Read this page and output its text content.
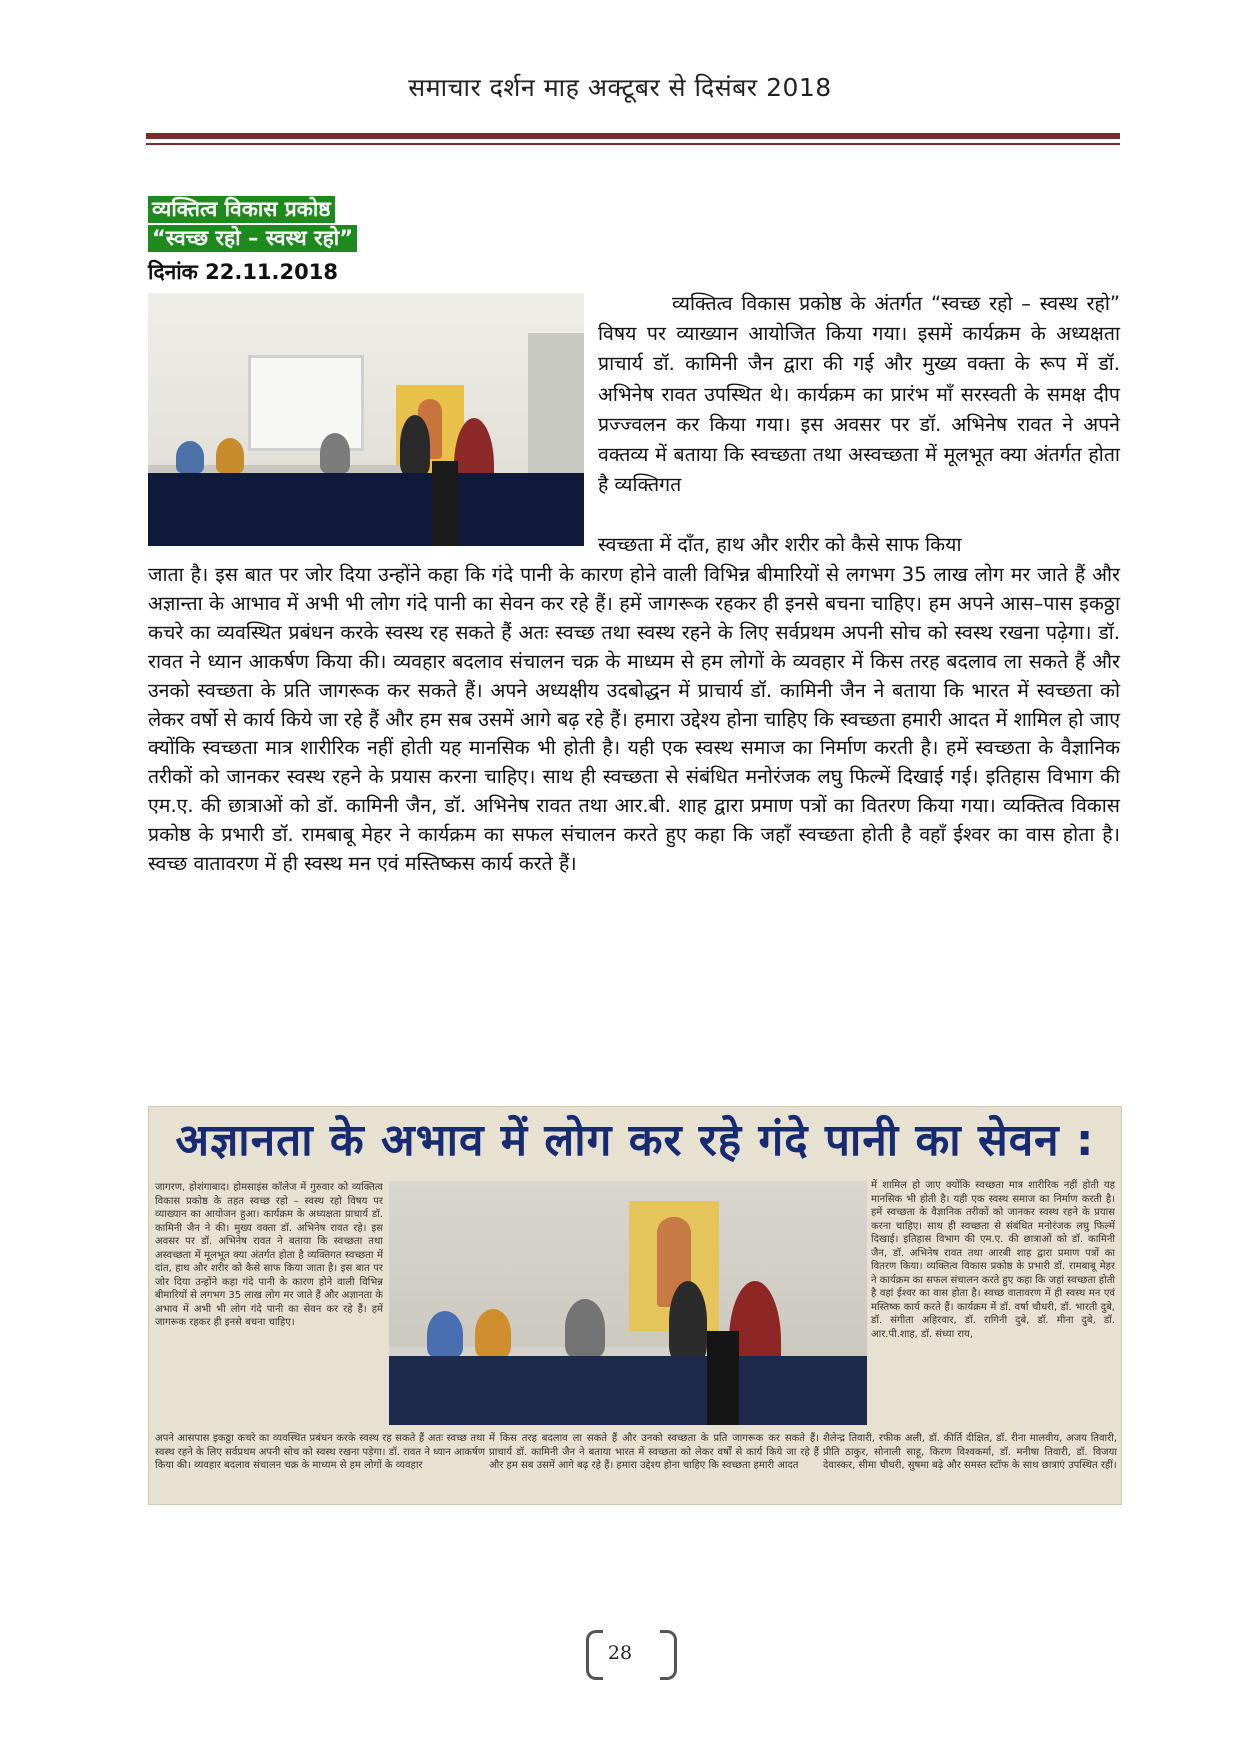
समाचार दर्शन माह अक्टूबर से दिसंबर 2018
व्यक्तित्व विकास प्रकोष्ठ
“स्वच्छ रहो – स्वस्थ रहो”
दिनांक 22.11.2018

व्यक्तित्व विकास प्रकोष्ठ के अंतर्गत “स्वच्छ रहो – स्वस्थ रहो” विषय पर व्याख्यान आयोजित किया गया। इसमें कार्यक्रम के अध्यक्षता प्राचार्य डॉ. कामिनी जैन द्वारा की गई और मुख्य वक्ता के रूप में डॉ. अभिनेष रावत उपस्थित थे। कार्यक्रम का प्रारंभ माँ सरस्वती के समक्ष दीप प्रज्ज्वलन कर किया गया। इस अवसर पर डॉ. अभिनेष रावत ने अपने वक्तव्य में बताया कि स्वच्छता तथा अस्वच्छता में मूलभूत क्या अंतर्गत होता है व्यक्तिगत

स्वच्छता में दाँत, हाथ और शरीर को कैसे साफ किया

जाता है। इस बात पर जोर दिया उन्होंने कहा कि गंदे पानी के कारण होने वाली विभिन्न बीमारियों से लगभग 35 लाख लोग मर जाते हैं और अज्ञान्ता के आभाव में अभी भी लोग गंदे पानी का सेवन कर रहे हैं। हमें जागरूक रहकर ही इनसे बचना चाहिए। हम अपने आस–पास इकठ्ठा कचरे का व्यवस्थित प्रबंधन करके स्वस्थ रह सकते हैं अतः स्वच्छ तथा स्वस्थ रहने के लिए सर्वप्रथम अपनी सोच को स्वस्थ रखना पढ़ेगा। डॉ. रावत ने ध्यान आकर्षण किया की। व्यवहार बदलाव संचालन चक्र के माध्यम से हम लोगों के व्यवहार में किस तरह बदलाव ला सकते हैं और उनको स्वच्छता के प्रति जागरूक कर सकते हैं। अपने अध्यक्षीय उदबोद्धन में प्राचार्य डॉ. कामिनी जैन ने बताया कि भारत में स्वच्छता को लेकर वर्षो से कार्य किये जा रहे हैं और हम सब उसमें आगे बढ़ रहे हैं। हमारा उद्देश्य होना चाहिए कि स्वच्छता हमारी आदत में शामिल हो जाए क्योंकि स्वच्छता मात्र शारीरिक नहीं होती यह मानसिक भी होती है। यही एक स्वस्थ समाज का निर्माण करती है। हमें स्वच्छता के वैज्ञानिक तरीकों को जानकर स्वस्थ रहने के प्रयास करना चाहिए। साथ ही स्वच्छता से संबंधित मनोरंजक लघु फिल्में दिखाई गई। इतिहास विभाग की एम.ए. की छात्राओं को डॉ. कामिनी जैन, डॉ. अभिनेष रावत तथा आर.बी. शाह द्वारा प्रमाण पत्रों का वितरण किया गया। व्यक्तित्व विकास प्रकोष्ठ के प्रभारी डॉ. रामबाबू मेहर ने कार्यक्रम का सफल संचालन करते हुए कहा कि जहाँ स्वच्छता होती है वहाँ ईश्वर का वास होता है। स्वच्छ वातावरण में ही स्वस्थ मन एवं मस्तिष्कस कार्य करते हैं।

अज्ञानता के अभाव में लोग कर रहे गंदे पानी का सेवन :
जागरण, होशंगाबाद। होमसाइंस कॉलेज में गुरुवार को व्यक्तित्व विकास प्रकोष्ठ के तहत स्वच्छ रहो – स्वस्थ रहो विषय पर व्याख्यान का आयोजन हुआ। कार्यक्रम के अध्यक्षता प्राचार्य डॉ. कामिनी जैन ने की। मुख्य वक्ता डॉ. अभिनेष रावत रहे। इस अवसर पर डॉ. अभिनेष रावत ने बताया कि स्वच्छता तथा अस्वच्छता में मूलभूत क्या अंतर्गत होता है व्यक्तिगत स्वच्छता में दांत, हाथ और शरीर को कैसे साफ किया जाता है। इस बात पर जोर दिया उन्होंने कहा गंदे पानी के कारण होने वाली विभिन्न बीमारियों से लगभग 35 लाख लोग मर जाते हैं और अज्ञानता के अभाव में अभी भी लोग गंदे पानी का सेवन कर रहे हैं। हमें जागरूक रहकर ही इनसे बचना चाहिए।
में शामिल हो जाए क्योंकि स्वच्छता मात्र शारीरिक नहीं होती यह मानसिक भी होती है। यही एक स्वस्थ समाज का निर्माण करती है। हमें स्वच्छता के वैज्ञानिक तरीकों को जानकर स्वस्थ रहने के प्रयास करना चाहिए। साथ ही स्वच्छता से संबंधित मनोरंजक लघु फिल्में दिखाई। इतिहास विभाग की एम.ए. की छात्राओं को डॉ. कामिनी जैन, डॉ. अभिनेष रावत तथा आरबी शाह द्वारा प्रमाण पत्रों का वितरण किया। व्यक्तित्व विकास प्रकोष्ठ के प्रभारी डॉ. रामबाबू मेहर ने कार्यक्रम का सफल संचालन करते हुए कहा कि जहां स्वच्छता होती है वहां ईश्वर का वास होता है। स्वच्छ वातावरण में ही स्वस्थ मन एवं मस्तिष्क कार्य करते हैं। कार्यक्रम में डॉ. वर्षा चौधरी, डॉ. भारती दुबे, डॉ. संगीता अहिरवार, डॉ. रागिनी दुबे, डॉ. मीना दुबे, डॉ. आर.पी.शाह, डॉ. संध्या राय,
अपने आसपास इकठ्ठा कचरे का व्यवस्थित प्रबंधन करके स्वस्थ रह सकते हैं अतः स्वच्छ तथा स्वस्थ रहने के लिए सर्वप्रथम अपनी सोच को स्वस्थ रखना पड़ेगा। डॉ. रावत ने ध्यान आकर्षण किया की। व्यवहार बदलाव संचालन चक्र के माध्यम से हम लोगों के व्यवहार
में किस तरह बदलाव ला सकते हैं और उनको स्वच्छता के प्रति जागरूक कर सकते हैं। प्राचार्य डॉ. कामिनी जैन ने बताया भारत में स्वच्छता को लेकर वर्षों से कार्य किये जा रहे हैं और हम सब उसमें आगे बढ़ रहे हैं। हमारा उद्देश्य होना चाहिए कि स्वच्छता हमारी आदत
शैलेन्द्र तिवारी, रफीक अली, डॉ. कीर्ति दीक्षित, डॉ. रीना मालवीय, अजय तिवारी, प्रीति ठाकुर, सोनाली साहू, किरण विश्वकर्मा, डॉ. मनीषा तिवारी, डॉ. विजया देवास्कर, सीमा चौधरी, सुषमा बढ़े और समस्त स्टॉफ के साथ छात्राएं उपस्थित रहीं।
28
